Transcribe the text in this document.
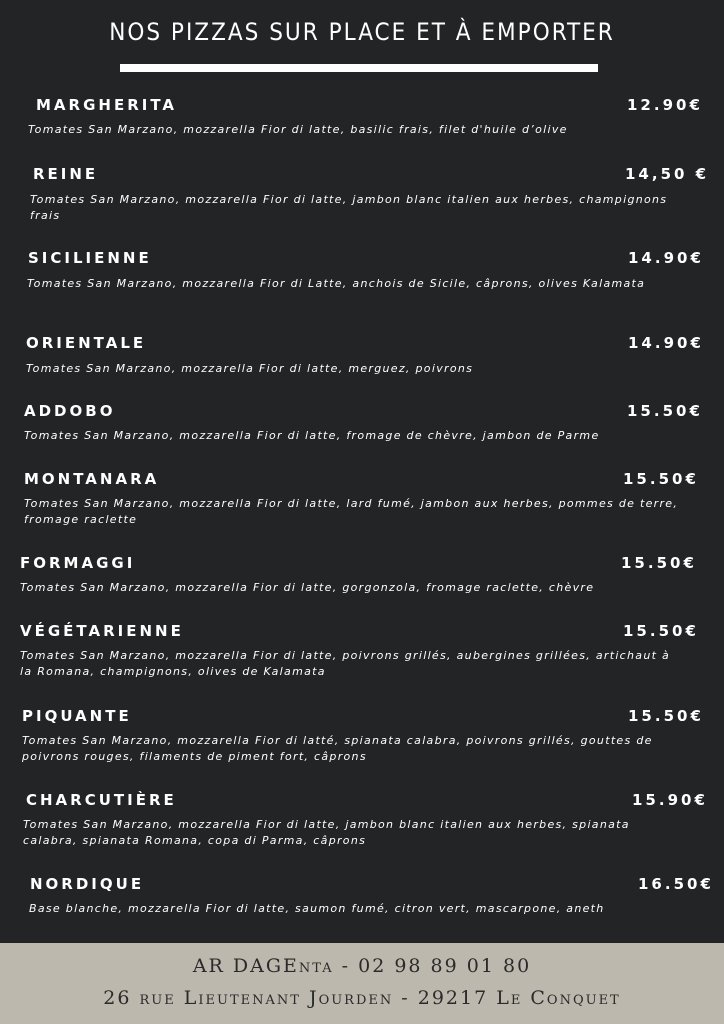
NOS PIZZAS SUR PLACE ET À EMPORTER
MARGHERITA	12.90€
Tomates San Marzano, mozzarella Fior di latte, basilic frais, filet d'huile d’olive
REINE	14,50 €
Tomates San Marzano, mozzarella Fior di latte, jambon blanc italien aux herbes, champignons frais
SICILIENNE	14.90€
Tomates San Marzano, mozzarella Fior di Latte, anchois de Sicile, câprons, olives Kalamata
ORIENTALE	14.90€
Tomates San Marzano, mozzarella Fior di latte, merguez, poivrons
ADDOBO	15.50€
Tomates San Marzano, mozzarella Fior di latte, fromage de chèvre, jambon de Parme
MONTANARA	15.50€
Tomates San Marzano, mozzarella Fior di latte, lard fumé, jambon aux herbes, pommes de terre, fromage raclette
FORMAGGI	15.50€
Tomates San Marzano, mozzarella Fior di latte, gorgonzola, fromage raclette, chèvre
VÉGÉTARIENNE	15.50€
Tomates San Marzano, mozzarella Fior di latte, poivrons grillés, aubergines grillées, artichaut à la Romana, champignons, olives de Kalamata
PIQUANTE	15.50€
Tomates San Marzano, mozzarella Fior di latté, spianata calabra, poivrons grillés, gouttes de poivrons rouges, filaments de piment fort, câprons
CHARCUTIÈRE	15.90€
Tomates San Marzano, mozzarella Fior di latte, jambon blanc italien aux herbes, spianata calabra, spianata Romana, copa di Parma, câprons
NORDIQUE	16.50€
Base blanche, mozzarella Fior di latte, saumon fumé, citron vert, mascarpone, aneth
AR DAGEnta - 02 98 89 01 80
26 rue Lieutenant Jourden - 29217 Le Conquet
